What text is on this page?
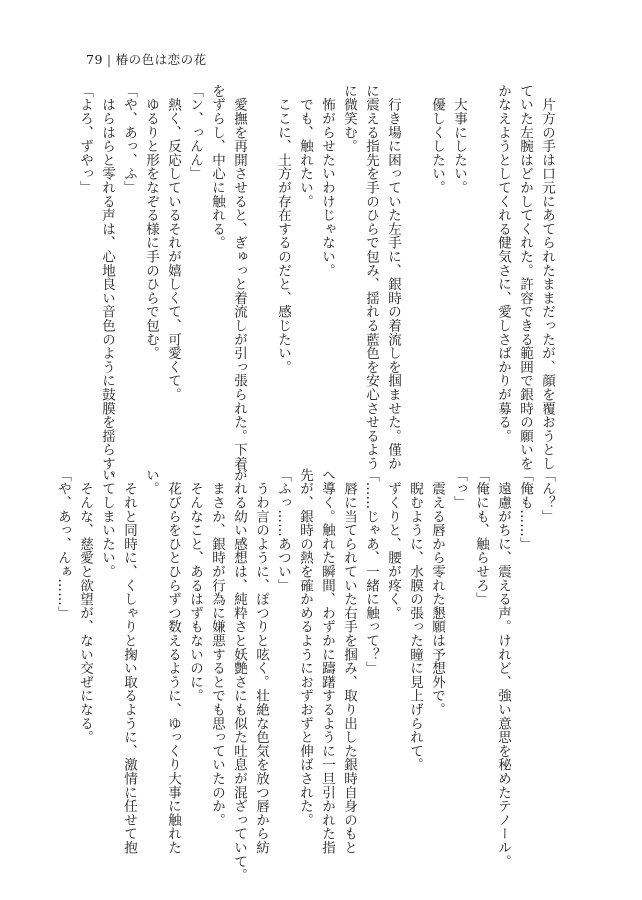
79 | 椿の色は恋の花
　片方の手は口元にあてられたままだったが、顔を覆おうとし
ていた左腕はどかしてくれた。許容できる範囲で銀時の願いを
かなえようとしてくれる健気さに、愛しさばかりが募る。
　大事にしたい。
　優しくしたい。
　行き場に困っていた左手に、銀時の着流しを掴ませた。僅か
に震える指先を手のひらで包み、揺れる藍色を安心させるよう
に微笑む。
　怖がらせたいわけじゃない。
　でも、触れたい。
　ここに、土方が存在するのだと、感じたい。
　愛撫を再開させると、ぎゅっと着流しが引っ張られた。下着
をずらし、中心に触れる。
「ン、っんん」
　熱く、反応しているそれが嬉しくて、可愛くて。
　ゆるりと形をなぞる様に手のひらで包む。
「や、あっ、ふ」
　はらはらと零れる声は、心地良い音色のように鼓膜を揺らす。
「よろ、ずやっ」
「ん？」
「俺も……」
　遠慮がちに、震える声。けれど、強い意思を秘めたテノール。
「俺にも、触らせろ」
「っ」
　震える唇から零れた懇願は予想外で。
　睨むように、水膜の張った瞳に見上げられて。
　ずくりと、腰が疼く。
「……じゃあ、一緒に触って？」
　唇に当てられていた右手を掴み、取り出した銀時自身のもと
へ導く。触れた瞬間、わずかに躊躇するように一旦引かれた指
先が、銀時の熱を確かめるようにおずおずと伸ばされた。
「ふっ……あつい」
　うわ言のように、ぽつりと呟く。壮絶な色気を放つ唇から紡
がれる幼い感想は、純粋さと妖艶さにも似た吐息が混ざっていて。
　まさか、銀時が行為に嫌悪するとでも思っていたのか。
　そんなこと、あるはずもないのに。
　花びらをひとひらずつ数えるように、ゆっくり大事に触れた
い。
　それと同時に、くしゃりと掬い取るように、激情に任せて抱
いてしまいたい。
　そんな、慈愛と欲望が、ない交ぜになる。
「や、あっ、んぁ……」
